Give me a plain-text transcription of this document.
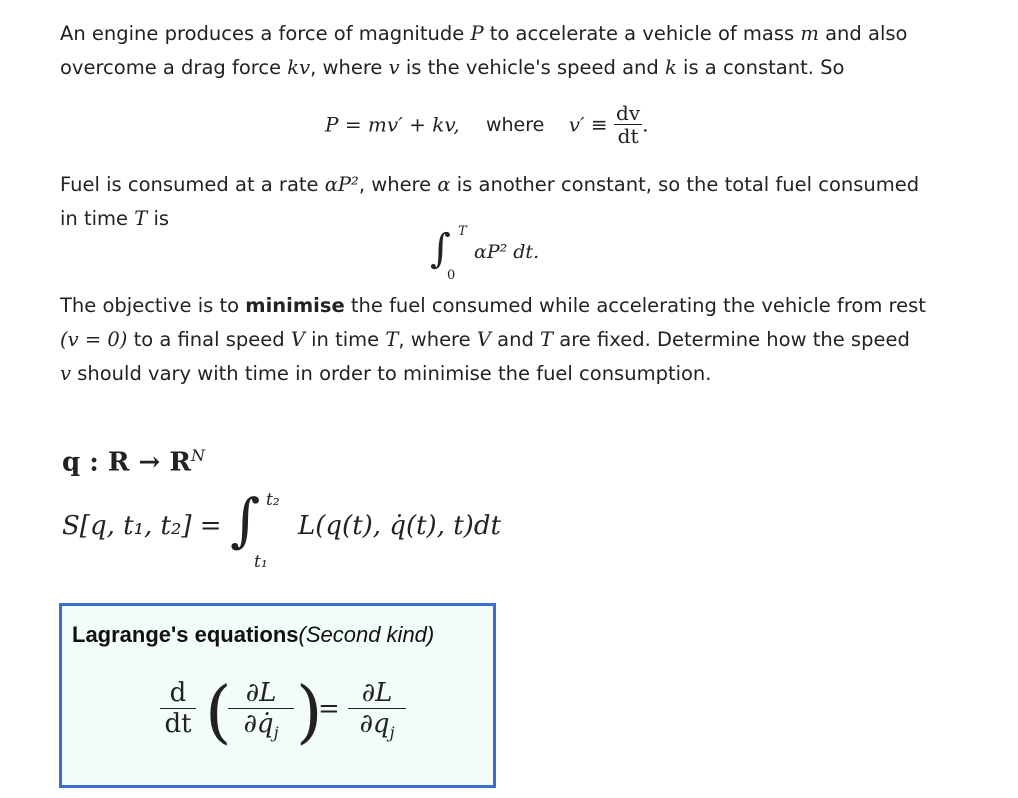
An engine produces a force of magnitude P to accelerate a vehicle of mass m and also
overcome a drag force kv, where v is the vehicle's speed and k is a constant. So
P = mv′ + kv, where $v' \equiv \frac{dv}{dt}$ .
Fuel is consumed at a rate αP², where α is another constant, so the total fuel consumed
in time T is
∫ T
0
αP² dt.
The objective is to minimise the fuel consumed while accelerating the vehicle from rest
(v = 0) to a final speed V in time T, where V and T are fixed. Determine how the speed
v should vary with time in order to minimise the fuel consumption.
q : $R \to R^N$
S[q, t₁, t₂] = ∫ t₂
t₁
L(q(t), q̇(t), t)dt
Lagrange's equations(Second kind)
$\frac{d}{dt}$ ( )
$\frac{\partial L}{\partial q̇_j} = \frac{\partial L}{\partial q_j}$
